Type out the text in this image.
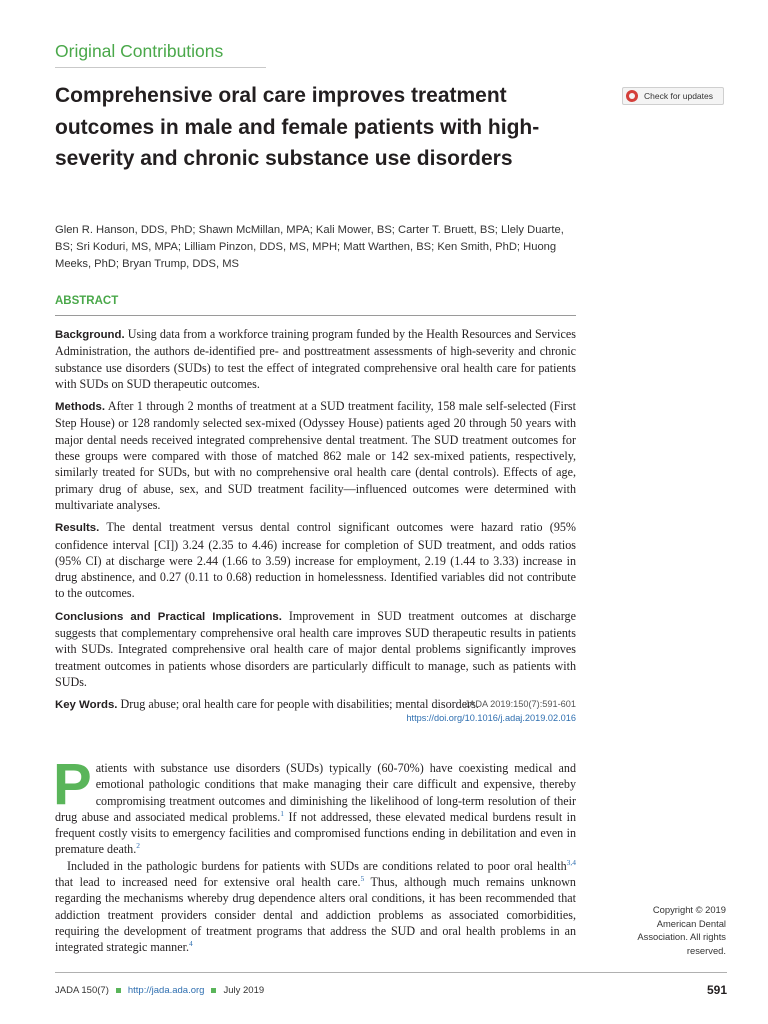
Original Contributions
Comprehensive oral care improves treatment outcomes in male and female patients with high-severity and chronic substance use disorders
Check for updates
Glen R. Hanson, DDS, PhD; Shawn McMillan, MPA; Kali Mower, BS; Carter T. Bruett, BS; Llely Duarte, BS; Sri Koduri, MS, MPA; Lilliam Pinzon, DDS, MS, MPH; Matt Warthen, BS; Ken Smith, PhD; Huong Meeks, PhD; Bryan Trump, DDS, MS
ABSTRACT

Background. Using data from a workforce training program funded by the Health Resources and Services Administration, the authors de-identified pre- and posttreatment assessments of high-severity and chronic substance use disorders (SUDs) to test the effect of integrated comprehensive oral health care for patients with SUDs on SUD therapeutic outcomes.

Methods. After 1 through 2 months of treatment at a SUD treatment facility, 158 male self-selected (First Step House) or 128 randomly selected sex-mixed (Odyssey House) patients aged 20 through 50 years with major dental needs received integrated comprehensive dental treatment. The SUD treatment outcomes for these groups were compared with those of matched 862 male or 142 sex-mixed patients, respectively, similarly treated for SUDs, but with no comprehensive oral health care (dental controls). Effects of age, primary drug of abuse, sex, and SUD treatment facility—influenced outcomes were determined with multivariate analyses.

Results. The dental treatment versus dental control significant outcomes were hazard ratio (95% confidence interval [CI]) 3.24 (2.35 to 4.46) increase for completion of SUD treatment, and odds ratios (95% CI) at discharge were 2.44 (1.66 to 3.59) increase for employment, 2.19 (1.44 to 3.33) increase in drug abstinence, and 0.27 (0.11 to 0.68) reduction in homelessness. Identified variables did not contribute to the outcomes.

Conclusions and Practical Implications. Improvement in SUD treatment outcomes at discharge suggests that complementary comprehensive oral health care improves SUD therapeutic results in patients with SUDs. Integrated comprehensive oral health care of major dental problems significantly improves treatment outcomes in patients whose disorders are particularly difficult to manage, such as patients with SUDs.

Key Words. Drug abuse; oral health care for people with disabilities; mental disorders.

JADA 2019:150(7):591-601
https://doi.org/10.1016/j.adaj.2019.02.016

Patients with substance use disorders (SUDs) typically (60-70%) have coexisting medical and emotional pathologic conditions that make managing their care difficult and expensive, thereby compromising treatment outcomes and diminishing the likelihood of long-term resolution of their drug abuse and associated medical problems.$^1$ If not addressed, these elevated medical burdens result in frequent costly visits to emergency facilities and compromised functions ending in debilitation and even in premature death.$^2$

Included in the pathologic burdens for patients with SUDs are conditions related to poor oral health$^{3,4}$ that lead to increased need for extensive oral health care.$^5$ Thus, although much remains unknown regarding the mechanisms whereby drug dependence alters oral conditions, it has been recommended that addiction treatment providers consider dental and addiction problems as associated comorbidities, requiring the development of treatment programs that address the SUD and oral health problems in an integrated strategic manner.$^4$

Copyright © 2019 American Dental Association. All rights reserved.
JADA 150(7) http://jada.ada.org July 2019	591
